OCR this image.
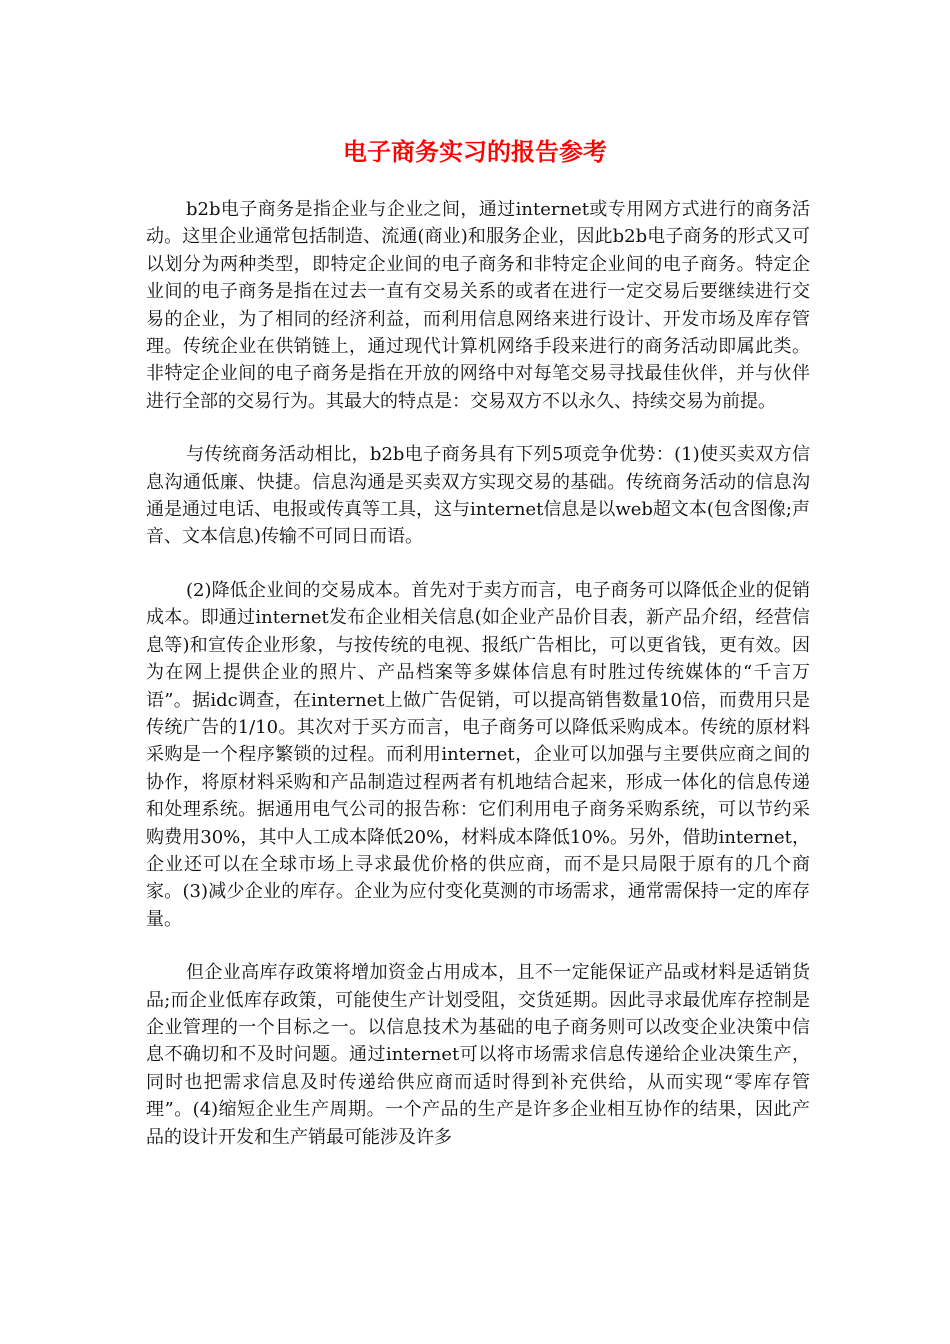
电子商务实习的报告参考

b2b电子商务是指企业与企业之间，通过internet或专用网方式进行的商务活动。这里企业通常包括制造、流通(商业)和服务企业，因此b2b电子商务的形式又可以划分为两种类型，即特定企业间的电子商务和非特定企业间的电子商务。特定企业间的电子商务是指在过去一直有交易关系的或者在进行一定交易后要继续进行交易的企业，为了相同的经济利益，而利用信息网络来进行设计、开发市场及库存管理。传统企业在供销链上，通过现代计算机网络手段来进行的商务活动即属此类。非特定企业间的电子商务是指在开放的网络中对每笔交易寻找最佳伙伴，并与伙伴进行全部的交易行为。其最大的特点是：交易双方不以永久、持续交易为前提。

与传统商务活动相比，b2b电子商务具有下列5项竞争优势：(1)使买卖双方信息沟通低廉、快捷。信息沟通是买卖双方实现交易的基础。传统商务活动的信息沟通是通过电话、电报或传真等工具，这与internet信息是以web超文本(包含图像;声音、文本信息)传输不可同日而语。

(2)降低企业间的交易成本。首先对于卖方而言，电子商务可以降低企业的促销成本。即通过internet发布企业相关信息(如企业产品价目表，新产品介绍，经营信息等)和宣传企业形象，与按传统的电视、报纸广告相比，可以更省钱，更有效。因为在网上提供企业的照片、产品档案等多媒体信息有时胜过传统媒体的“千言万语”。据idc调查，在internet上做广告促销，可以提高销售数量10倍，而费用只是传统广告的1/10。其次对于买方而言，电子商务可以降低采购成本。传统的原材料采购是一个程序繁锁的过程。而利用internet，企业可以加强与主要供应商之间的协作，将原材料采购和产品制造过程两者有机地结合起来，形成一体化的信息传递和处理系统。据通用电气公司的报告称：它们利用电子商务采购系统，可以节约采购费用30%，其中人工成本降低20%，材料成本降低10%。另外，借助internet，企业还可以在全球市场上寻求最优价格的供应商，而不是只局限于原有的几个商家。(3)减少企业的库存。企业为应付变化莫测的市场需求，通常需保持一定的库存量。

但企业高库存政策将增加资金占用成本，且不一定能保证产品或材料是适销货品;而企业低库存政策，可能使生产计划受阻，交货延期。因此寻求最优库存控制是企业管理的一个目标之一。以信息技术为基础的电子商务则可以改变企业决策中信息不确切和不及时问题。通过internet可以将市场需求信息传递给企业决策生产，同时也把需求信息及时传递给供应商而适时得到补充供给，从而实现“零库存管理”。(4)缩短企业生产周期。一个产品的生产是许多企业相互协作的结果，因此产品的设计开发和生产销最可能涉及许多
